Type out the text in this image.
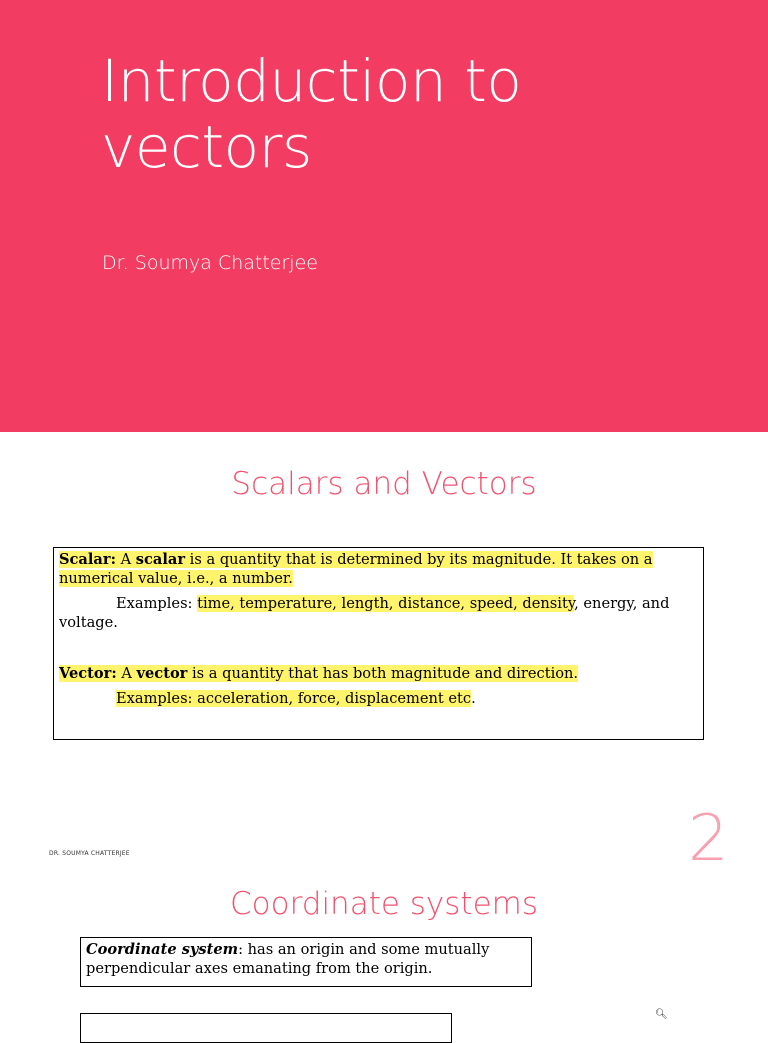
Introduction to
vectors
Dr. Soumya Chatterjee
Scalars and Vectors

Scalar: A scalar is a quantity that is determined by its magnitude. It takes on a numerical value, i.e., a number.

Examples: time, temperature, length, distance, speed, density, energy, and voltage.

Vector: A vector is a quantity that has both magnitude and direction.

Examples: acceleration, force, displacement etc.

DR. SOUMYA CHATTERJEE	2
Coordinate systems
Coordinate system: has an origin and some mutually perpendicular axes emanating from the origin.
🔍︎
